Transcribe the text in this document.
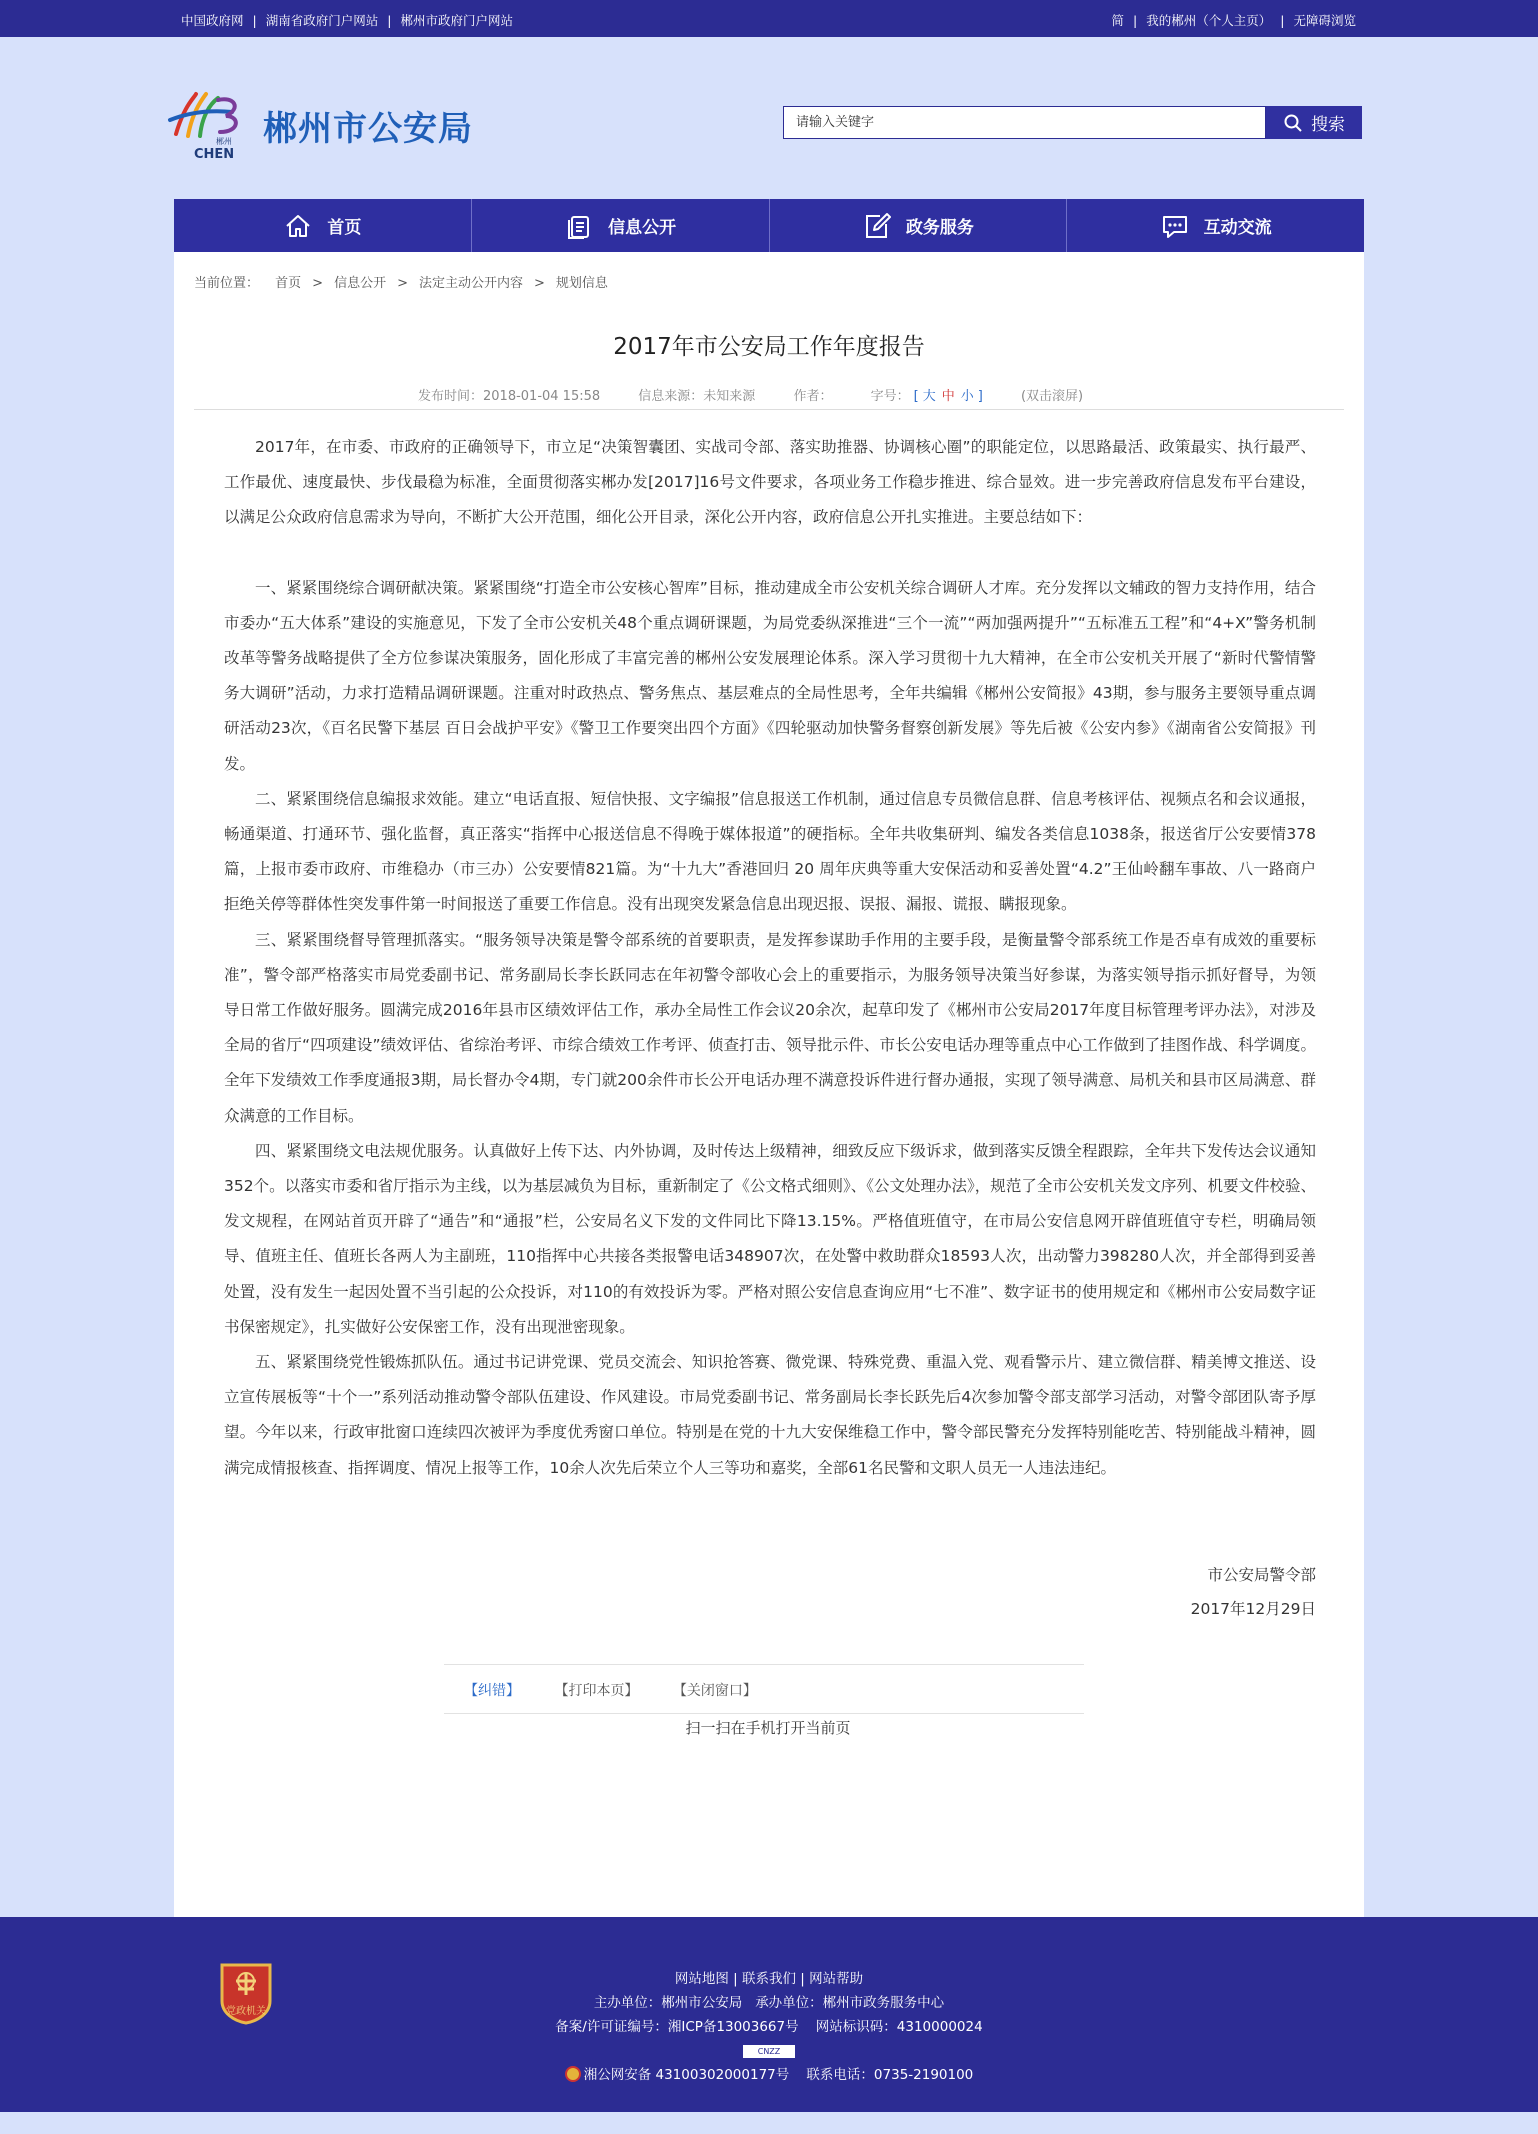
中国政府网 | 湖南省政府门户网站 | 郴州市政府门户网站	简 | 我的郴州（个人主页） | 无障碍浏览
郴州
CHEN
郴州市公安局
请输入关键字	搜索
首页	信息公开	政务服务	互动交流
当前位置： 首页 > 信息公开 > 法定主动公开内容 > 规划信息
2017年市公安局工作年度报告
发布时间：2018-01-04 15:58	信息来源：未知来源	作者：	字号： [ 大 中 小 ]	(双击滚屏)

2017年，在市委、市政府的正确领导下，市立足“决策智囊团、实战司令部、落实助推器、协调核心圈”的职能定位，以思路最活、政策最实、执行最严、工作最优、速度最快、步伐最稳为标准，全面贯彻落实郴办发[2017]16号文件要求，各项业务工作稳步推进、综合显效。进一步完善政府信息发布平台建设，以满足公众政府信息需求为导向，不断扩大公开范围，细化公开目录，深化公开内容，政府信息公开扎实推进。主要总结如下：

一、紧紧围绕综合调研献决策。紧紧围绕“打造全市公安核心智库”目标，推动建成全市公安机关综合调研人才库。充分发挥以文辅政的智力支持作用，结合市委办“五大体系”建设的实施意见，下发了全市公安机关48个重点调研课题，为局党委纵深推进“三个一流”“两加强两提升”“五标准五工程”和“4+X”警务机制改革等警务战略提供了全方位参谋决策服务，固化形成了丰富完善的郴州公安发展理论体系。深入学习贯彻十九大精神，在全市公安机关开展了“新时代警情警务大调研”活动，力求打造精品调研课题。注重对时政热点、警务焦点、基层难点的全局性思考，全年共编辑《郴州公安简报》43期，参与服务主要领导重点调研活动23次，《百名民警下基层 百日会战护平安》《警卫工作要突出四个方面》《四轮驱动加快警务督察创新发展》等先后被《公安内参》《湖南省公安简报》刊发。

二、紧紧围绕信息编报求效能。建立“电话直报、短信快报、文字编报”信息报送工作机制，通过信息专员微信息群、信息考核评估、视频点名和会议通报，畅通渠道、打通环节、强化监督，真正落实“指挥中心报送信息不得晚于媒体报道”的硬指标。全年共收集研判、编发各类信息1038条，报送省厅公安要情378篇，上报市委市政府、市维稳办（市三办）公安要情821篇。为“十九大”香港回归 20 周年庆典等重大安保活动和妥善处置“4.2”王仙岭翻车事故、八一路商户拒绝关停等群体性突发事件第一时间报送了重要工作信息。没有出现突发紧急信息出现迟报、误报、漏报、谎报、瞒报现象。

三、紧紧围绕督导管理抓落实。“服务领导决策是警令部系统的首要职责，是发挥参谋助手作用的主要手段，是衡量警令部系统工作是否卓有成效的重要标准”，警令部严格落实市局党委副书记、常务副局长李长跃同志在年初警令部收心会上的重要指示，为服务领导决策当好参谋，为落实领导指示抓好督导，为领导日常工作做好服务。圆满完成2016年县市区绩效评估工作，承办全局性工作会议20余次，起草印发了《郴州市公安局2017年度目标管理考评办法》，对涉及全局的省厅“四项建设”绩效评估、省综治考评、市综合绩效工作考评、侦查打击、领导批示件、市长公安电话办理等重点中心工作做到了挂图作战、科学调度。全年下发绩效工作季度通报3期，局长督办令4期，专门就200余件市长公开电话办理不满意投诉件进行督办通报，实现了领导满意、局机关和县市区局满意、群众满意的工作目标。

四、紧紧围绕文电法规优服务。认真做好上传下达、内外协调，及时传达上级精神，细致反应下级诉求，做到落实反馈全程跟踪，全年共下发传达会议通知352个。以落实市委和省厅指示为主线，以为基层减负为目标，重新制定了《公文格式细则》、《公文处理办法》，规范了全市公安机关发文序列、机要文件校验、发文规程，在网站首页开辟了“通告”和“通报”栏，公安局名义下发的文件同比下降13.15%。严格值班值守，在市局公安信息网开辟值班值守专栏，明确局领导、值班主任、值班长各两人为主副班，110指挥中心共接各类报警电话348907次，在处警中救助群众18593人次，出动警力398280人次，并全部得到妥善处置，没有发生一起因处置不当引起的公众投诉，对110的有效投诉为零。严格对照公安信息查询应用“七不准”、数字证书的使用规定和《郴州市公安局数字证书保密规定》，扎实做好公安保密工作，没有出现泄密现象。

五、紧紧围绕党性锻炼抓队伍。通过书记讲党课、党员交流会、知识抢答赛、微党课、特殊党费、重温入党、观看警示片、建立微信群、精美博文推送、设立宣传展板等“十个一”系列活动推动警令部队伍建设、作风建设。市局党委副书记、常务副局长李长跃先后4次参加警令部支部学习活动，对警令部团队寄予厚望。今年以来，行政审批窗口连续四次被评为季度优秀窗口单位。特别是在党的十九大安保维稳工作中，警令部民警充分发挥特别能吃苦、特别能战斗精神，圆满完成情报核查、指挥调度、情况上报等工作，10余人次先后荣立个人三等功和嘉奖，全部61名民警和文职人员无一人违法违纪。

市公安局警令部
2017年12月29日
【纠错】 【打印本页】 【关闭窗口】
扫一扫在手机打开当前页
党政机关
网站地图 | 联系我们 | 网站帮助
主办单位：郴州市公安局 承办单位：郴州市政务服务中心
备案/许可证编号：湘ICP备13003667号 网站标识码：4310000024
CNZZ
湘公网安备 43100302000177号 联系电话：0735-2190100
